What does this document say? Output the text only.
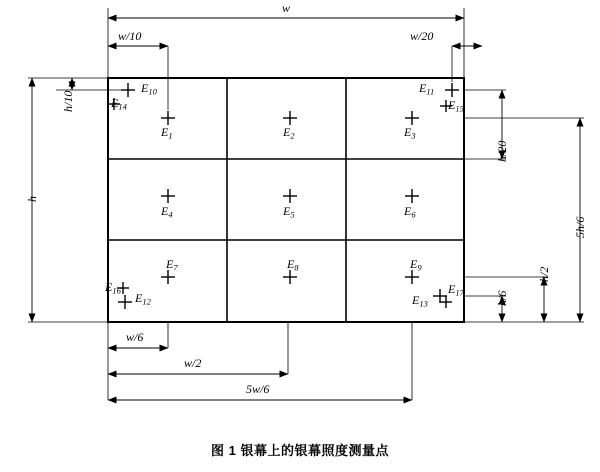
$E_1$	$E_2$	$E_3$
$E_4$	$E_5$	$E_6$
$E_7$	$E_8$	$E_9$
$E_{10}$	$E_{11}$
$E_{12}$	$E_{13}$
$E_{14}$	$E_{15}$
$E_{16}$	$E_{17}$
w
w/10	w/20
h
h/10
h/20
5h/6
h/2
h/6
w/6
w/2
5w/6
图 1 银幕上的银幕照度测量点
